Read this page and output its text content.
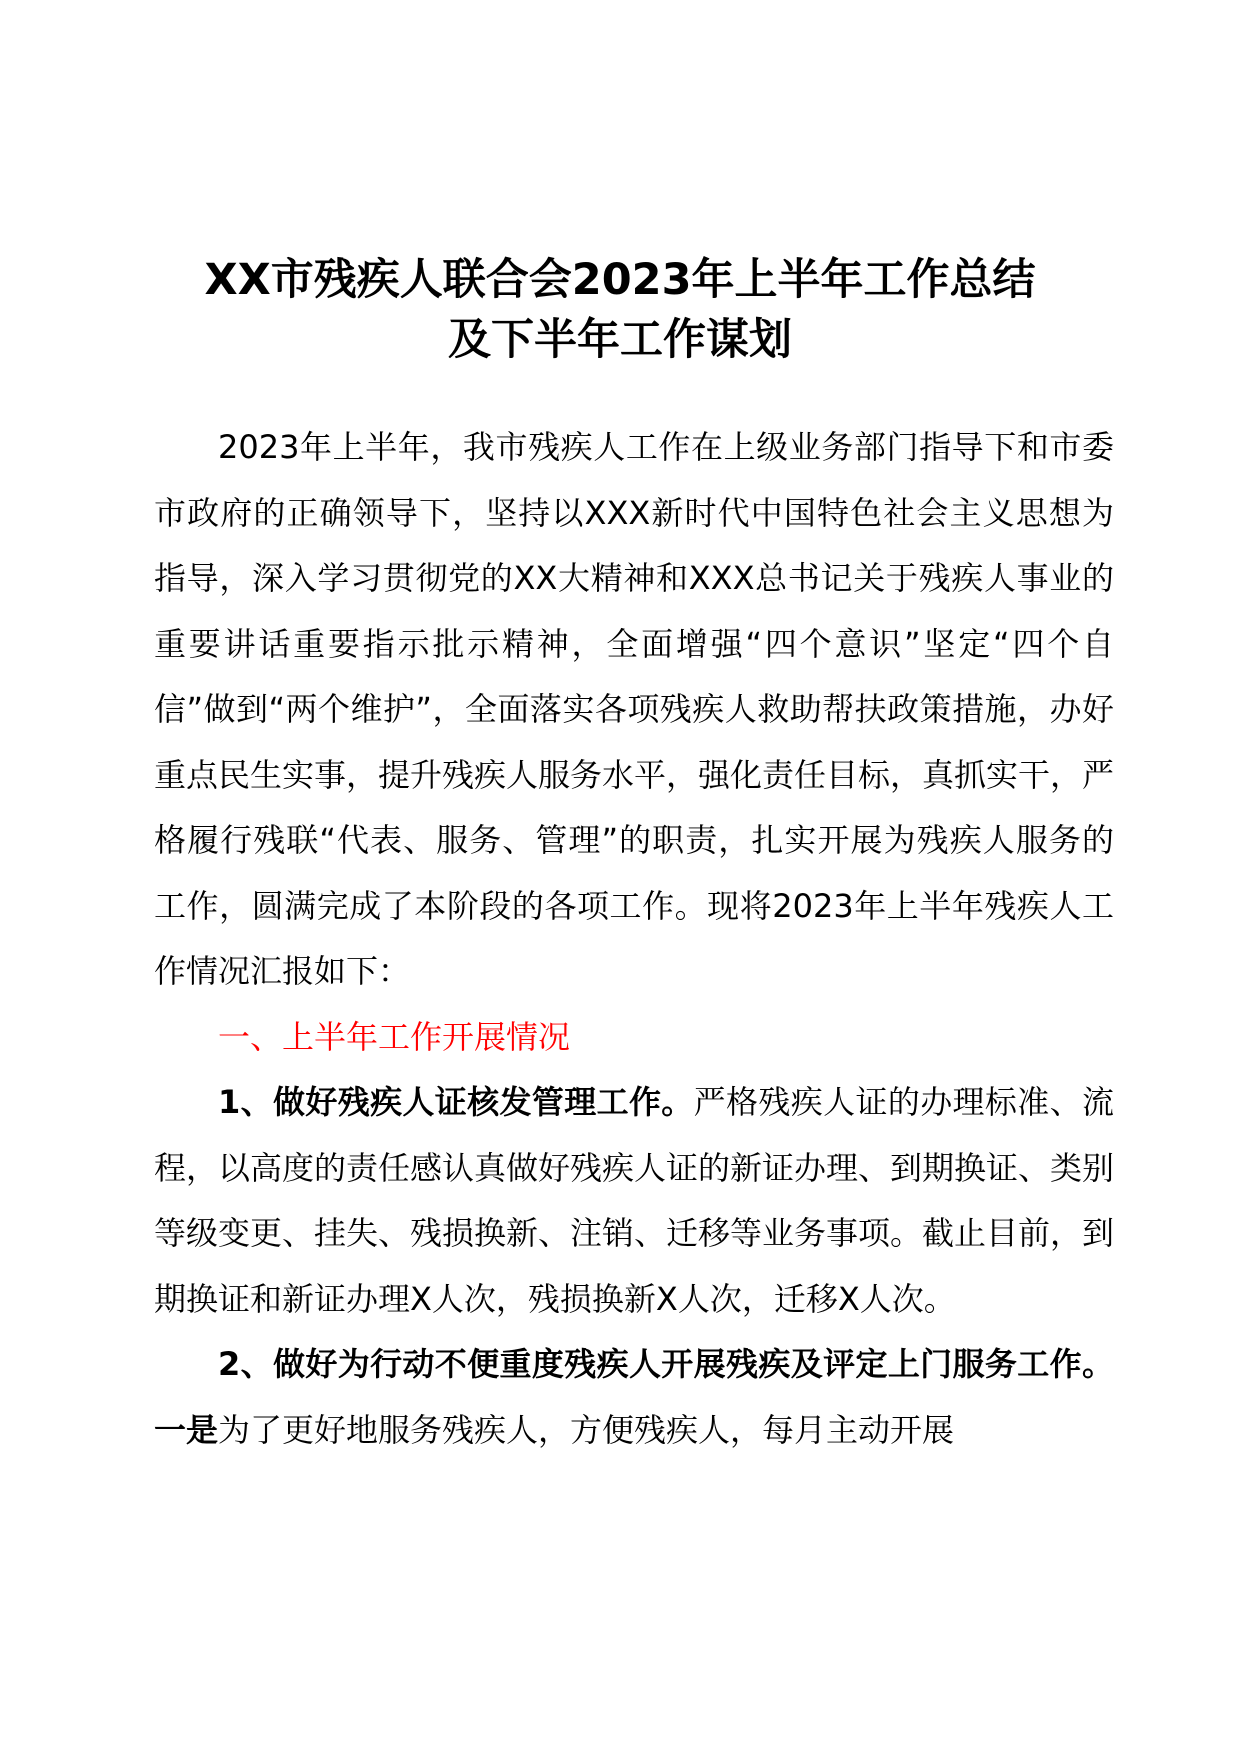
XX市残疾人联合会2023年上半年工作总结
及下半年工作谋划

2023年上半年，我市残疾人工作在上级业务部门指导下和市委市政府的正确领导下，坚持以XXX新时代中国特色社会主义思想为指导，深入学习贯彻党的XX大精神和XXX总书记关于残疾人事业的重要讲话重要指示批示精神，全面增强“四个意识”坚定“四个自信”做到“两个维护”，全面落实各项残疾人救助帮扶政策措施，办好重点民生实事，提升残疾人服务水平，强化责任目标，真抓实干，严格履行残联“代表、服务、管理”的职责，扎实开展为残疾人服务的工作，圆满完成了本阶段的各项工作。现将2023年上半年残疾人工作情况汇报如下：

一、上半年工作开展情况

1、做好残疾人证核发管理工作。严格残疾人证的办理标准、流程，以高度的责任感认真做好残疾人证的新证办理、到期换证、类别等级变更、挂失、残损换新、注销、迁移等业务事项。截止目前，到期换证和新证办理X人次，残损换新X人次，迁移X人次。

2、做好为行动不便重度残疾人开展残疾及评定上门服务工作。一是为了更好地服务残疾人，方便残疾人，每月主动开展
